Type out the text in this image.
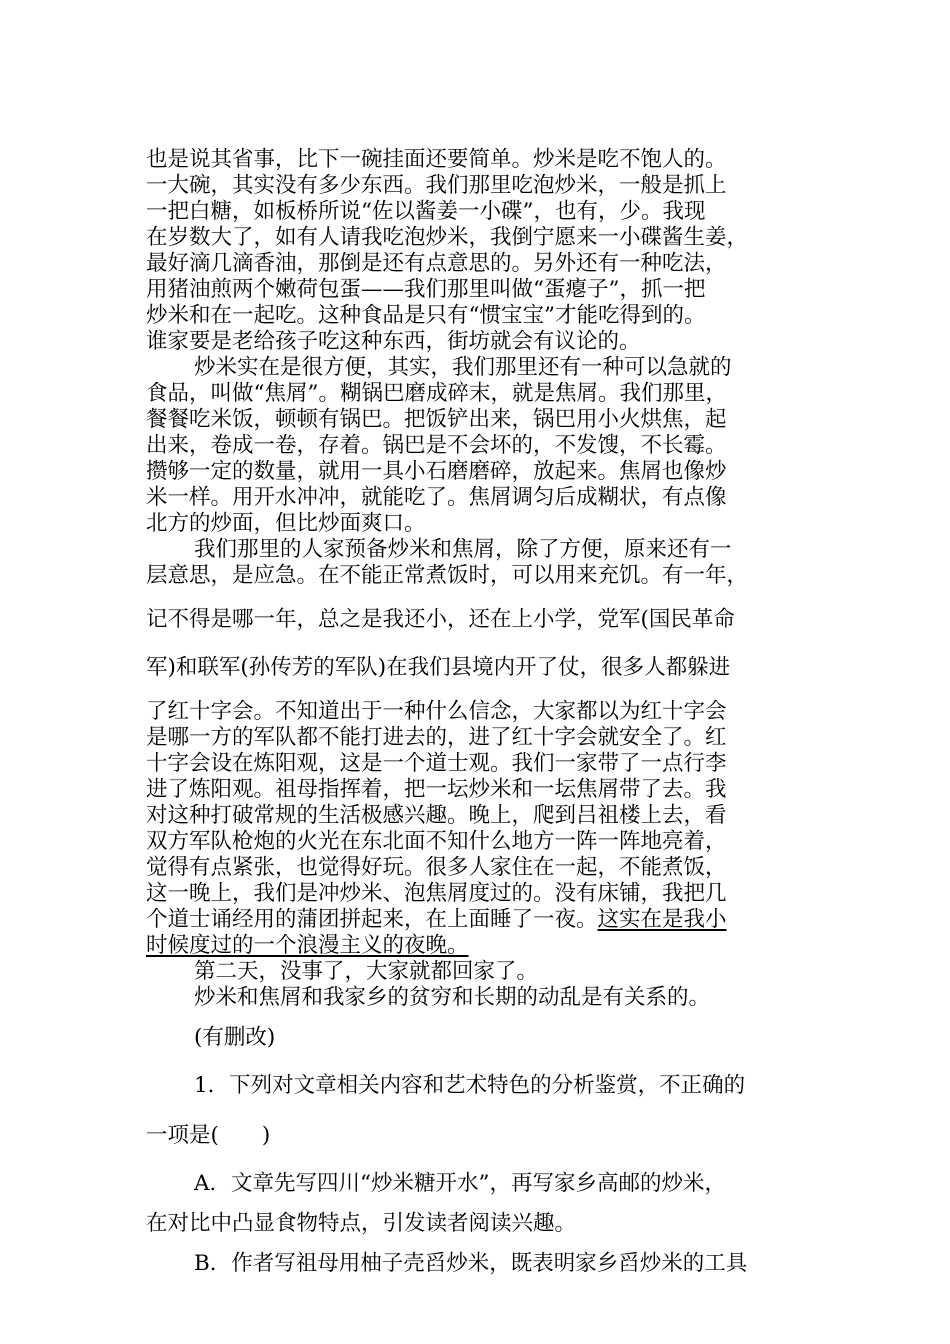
也是说其省事，比下一碗挂面还要简单。炒米是吃不饱人的。
一大碗，其实没有多少东西。我们那里吃泡炒米，一般是抓上
一把白糖，如板桥所说“佐以酱姜一小碟”，也有，少。我现
在岁数大了，如有人请我吃泡炒米，我倒宁愿来一小碟酱生姜，
最好滴几滴香油，那倒是还有点意思的。另外还有一种吃法，
用猪油煎两个嫩荷包蛋——我们那里叫做“蛋瘪子”，抓一把
炒米和在一起吃。这种食品是只有“惯宝宝”才能吃得到的。
谁家要是老给孩子吃这种东西，街坊就会有议论的。
炒米实在是很方便，其实，我们那里还有一种可以急就的
食品，叫做“焦屑”。糊锅巴磨成碎末，就是焦屑。我们那里，
餐餐吃米饭，顿顿有锅巴。把饭铲出来，锅巴用小火烘焦，起
出来，卷成一卷，存着。锅巴是不会坏的，不发馊，不长霉。
攒够一定的数量，就用一具小石磨磨碎，放起来。焦屑也像炒
米一样。用开水冲冲，就能吃了。焦屑调匀后成糊状，有点像
北方的炒面，但比炒面爽口。
我们那里的人家预备炒米和焦屑，除了方便，原来还有一
层意思，是应急。在不能正常煮饭时，可以用来充饥。有一年，
记不得是哪一年，总之是我还小，还在上小学，党军(国民革命
军)和联军(孙传芳的军队)在我们县境内开了仗，很多人都躲进
了红十字会。不知道出于一种什么信念，大家都以为红十字会
是哪一方的军队都不能打进去的，进了红十字会就安全了。红
十字会设在炼阳观，这是一个道士观。我们一家带了一点行李
进了炼阳观。祖母指挥着，把一坛炒米和一坛焦屑带了去。我
对这种打破常规的生活极感兴趣。晚上，爬到吕祖楼上去，看
双方军队枪炮的火光在东北面不知什么地方一阵一阵地亮着，
觉得有点紧张，也觉得好玩。很多人家住在一起，不能煮饭，
这一晚上，我们是冲炒米、泡焦屑度过的。没有床铺，我把几
个道士诵经用的蒲团拼起来，在上面睡了一夜。这实在是我小
时候度过的一个浪漫主义的夜晚。
第二天，没事了，大家就都回家了。
炒米和焦屑和我家乡的贫穷和长期的动乱是有关系的。
(有删改)
1．下列对文章相关内容和艺术特色的分析鉴赏，不正确的
一项是(　　)
A．文章先写四川“炒米糖开水”，再写家乡高邮的炒米，
在对比中凸显食物特点，引发读者阅读兴趣。
B．作者写祖母用柚子壳舀炒米，既表明家乡舀炒米的工具
